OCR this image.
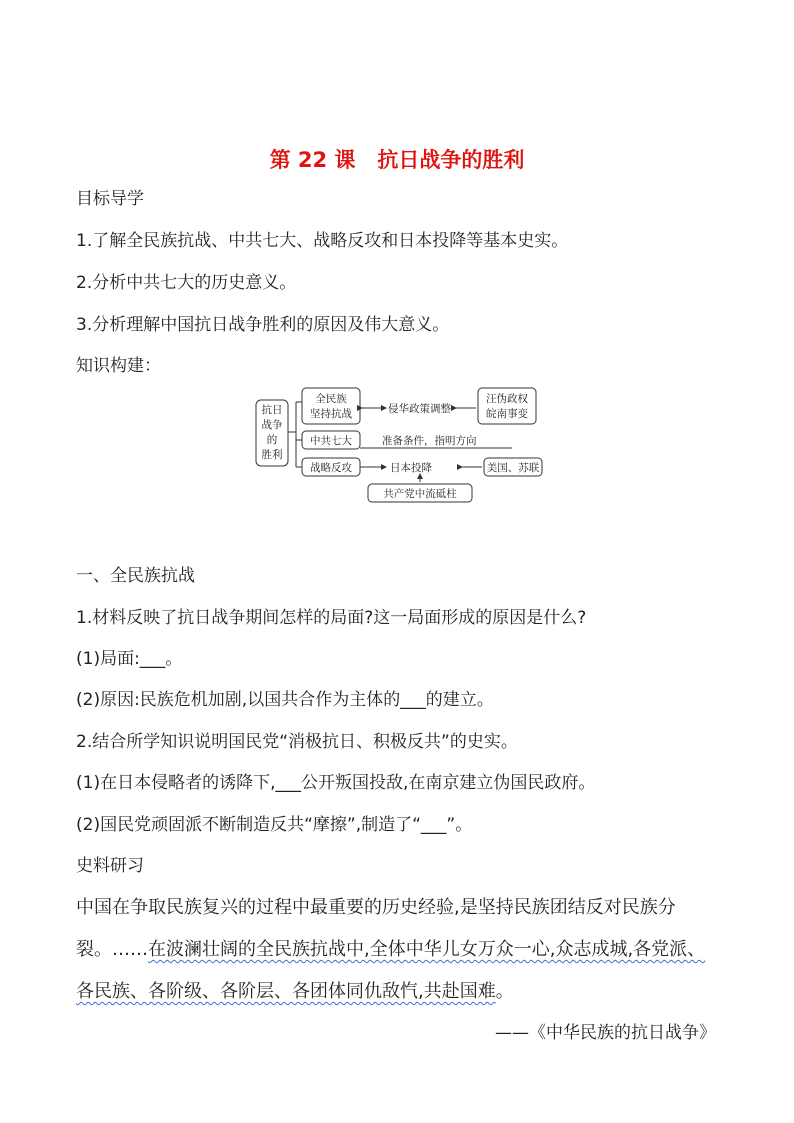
第 22 课 抗日战争的胜利
目标导学
1.了解全民族抗战、中共七大、战略反攻和日本投降等基本史实。
2.分析中共七大的历史意义。
3.分析理解中国抗日战争胜利的原因及伟大意义。
知识构建：
抗日
战争
的
胜利
全民族
坚持抗战	侵华政策调整
汪伪政权
皖南事变
中共七大	准备条件，指明方向
战略反攻	日本投降	美国、苏联
共产党中流砥柱
一、全民族抗战
1.材料反映了抗日战争期间怎样的局面?这一局面形成的原因是什么?
(1)局面:___。
(2)原因:民族危机加剧,以国共合作为主体的___的建立。
2.结合所学知识说明国民党“消极抗日、积极反共”的史实。
(1)在日本侵略者的诱降下,___公开叛国投敌,在南京建立伪国民政府。
(2)国民党顽固派不断制造反共“摩擦”,制造了“___”。
史料研习
中国在争取民族复兴的过程中最重要的历史经验,是坚持民族团结反对民族分
裂。……在波澜壮阔的全民族抗战中,全体中华儿女万众一心,众志成城,各党派、
各民族、各阶级、各阶层、各团体同仇敌忾,共赴国难。
——《中华民族的抗日战争》
